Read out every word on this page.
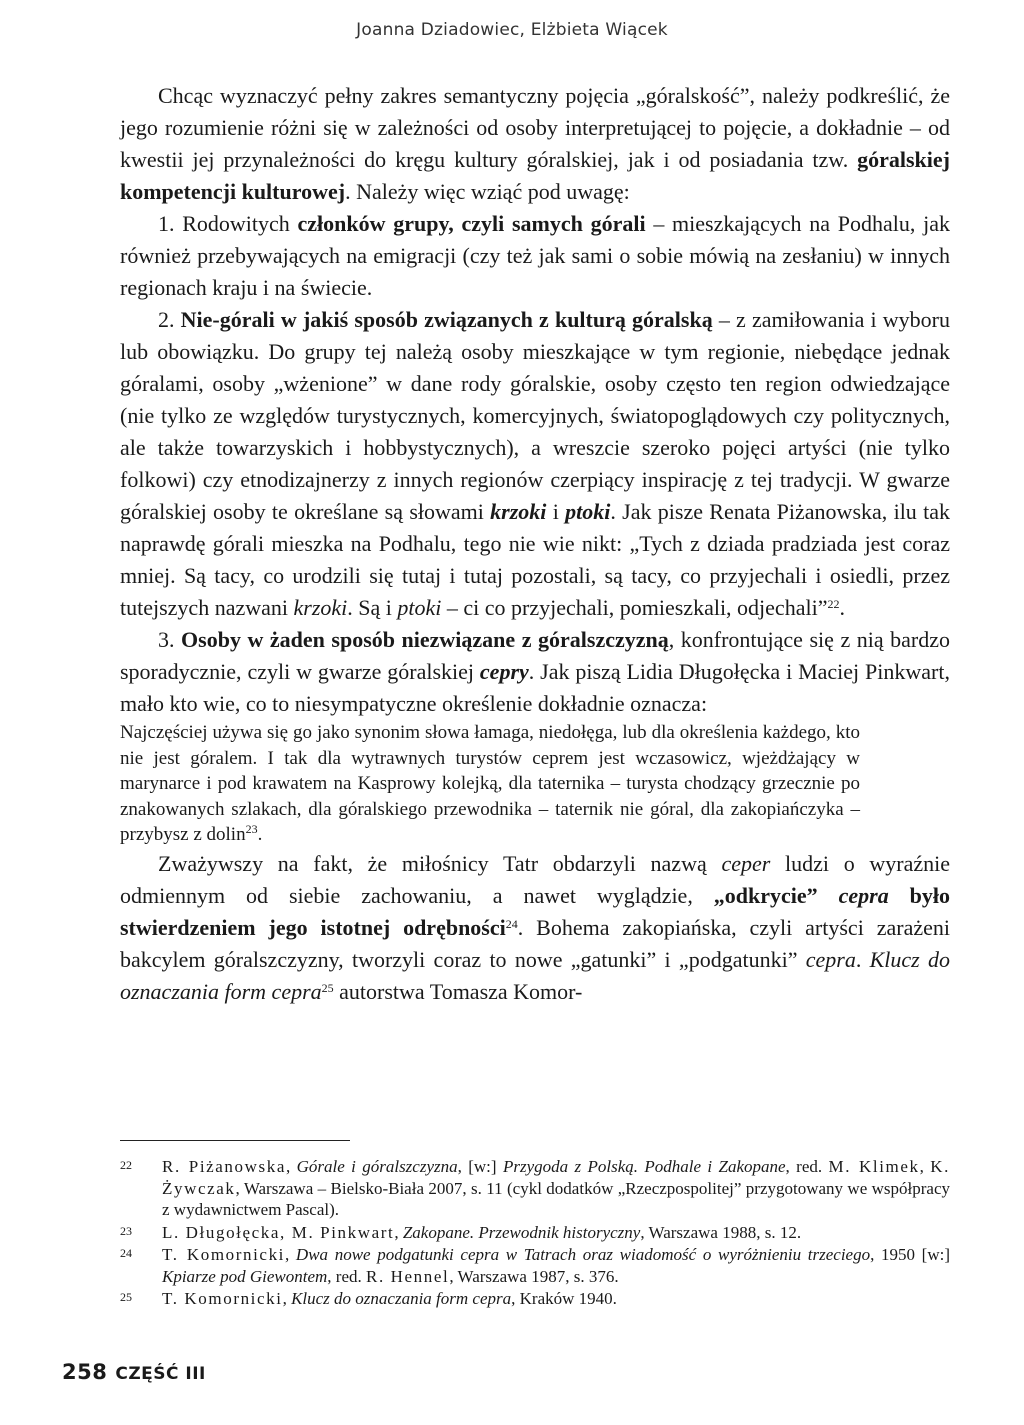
Joanna Dziadowiec, Elżbieta Wiącek

Chcąc wyznaczyć pełny zakres semantyczny pojęcia „góralskość”, należy podkreślić, że jego rozumienie różni się w zależności od osoby interpretującej to pojęcie, a dokładnie – od kwestii jej przynależności do kręgu kultury góralskiej, jak i od posiadania tzw. góralskiej kompetencji kulturowej. Należy więc wziąć pod uwagę:

1. Rodowitych członków grupy, czyli samych górali – mieszkających na Podhalu, jak również przebywających na emigracji (czy też jak sami o sobie mówią na zesłaniu) w innych regionach kraju i na świecie.

2. Nie-górali w jakiś sposób związanych z kulturą góralską – z zamiłowania i wyboru lub obowiązku. Do grupy tej należą osoby mieszkające w tym regionie, niebędące jednak góralami, osoby „wżenione” w dane rody góralskie, osoby często ten region odwiedzające (nie tylko ze względów turystycznych, komercyjnych, światopoglądowych czy politycznych, ale także towarzyskich i hobbystycznych), a wreszcie szeroko pojęci artyści (nie tylko folkowi) czy etnodizajnerzy z innych regionów czerpiący inspirację z tej tradycji. W gwarze góralskiej osoby te określane są słowami krzoki i ptoki. Jak pisze Renata Piżanowska, ilu tak naprawdę górali mieszka na Podhalu, tego nie wie nikt: „Tych z dziada pradziada jest coraz mniej. Są tacy, co urodzili się tutaj i tutaj pozostali, są tacy, co przyjechali i osiedli, przez tutejszych nazwani krzoki. Są i ptoki – ci co przyjechali, pomieszkali, odjechali”$^{22}$.

3. Osoby w żaden sposób niezwiązane z góralszczyzną, konfrontujące się z nią bardzo sporadycznie, czyli w gwarze góralskiej cepry. Jak piszą Lidia Długołęcka i Maciej Pinkwart, mało kto wie, co to niesympatyczne określenie dokładnie oznacza:

Najczęściej używa się go jako synonim słowa łamaga, niedołęga, lub dla określenia każdego, kto nie jest góralem. I tak dla wytrawnych turystów ceprem jest wczasowicz, wjeżdżający w marynarce i pod krawatem na Kasprowy kolejką, dla taternika – turysta chodzący grzecznie po znakowanych szlakach, dla góralskiego przewodnika – taternik nie góral, dla zakopiańczyka – przybysz z dolin$^{23}$.

Zważywszy na fakt, że miłośnicy Tatr obdarzyli nazwą ceper ludzi o wyraźnie odmiennym od siebie zachowaniu, a nawet wyglądzie, „odkrycie” cepra było stwierdzeniem jego istotnej odrębności$^{24}$. Bohema zakopiańska, czyli artyści zarażeni bakcylem góralszczyzny, tworzyli coraz to nowe „gatunki” i „podgatunki” cepra. Klucz do oznaczania form cepra$^{25}$ autorstwa Tomasza Komor-

22	R. Piżanowska, Górale i góralszczyzna, [w:] Przygoda z Polską. Podhale i Zakopane, red. M. Klimek, K. Żywczak, Warszawa – Bielsko-Biała 2007, s. 11 (cykl dodatków „Rzeczpospolitej” przygotowany we współpracy z wydawnictwem Pascal).
23	L. Długołęcka, M. Pinkwart, Zakopane. Przewodnik historyczny, Warszawa 1988, s. 12.
24	T. Komornicki, Dwa nowe podgatunki cepra w Tatrach oraz wiadomość o wyróżnieniu trzeciego, 1950 [w:] Kpiarze pod Giewontem, red. R. Hennel, Warszawa 1987, s. 376.
25	T. Komornicki, Klucz do oznaczania form cepra, Kraków 1940.
258 CZĘŚĆ III
